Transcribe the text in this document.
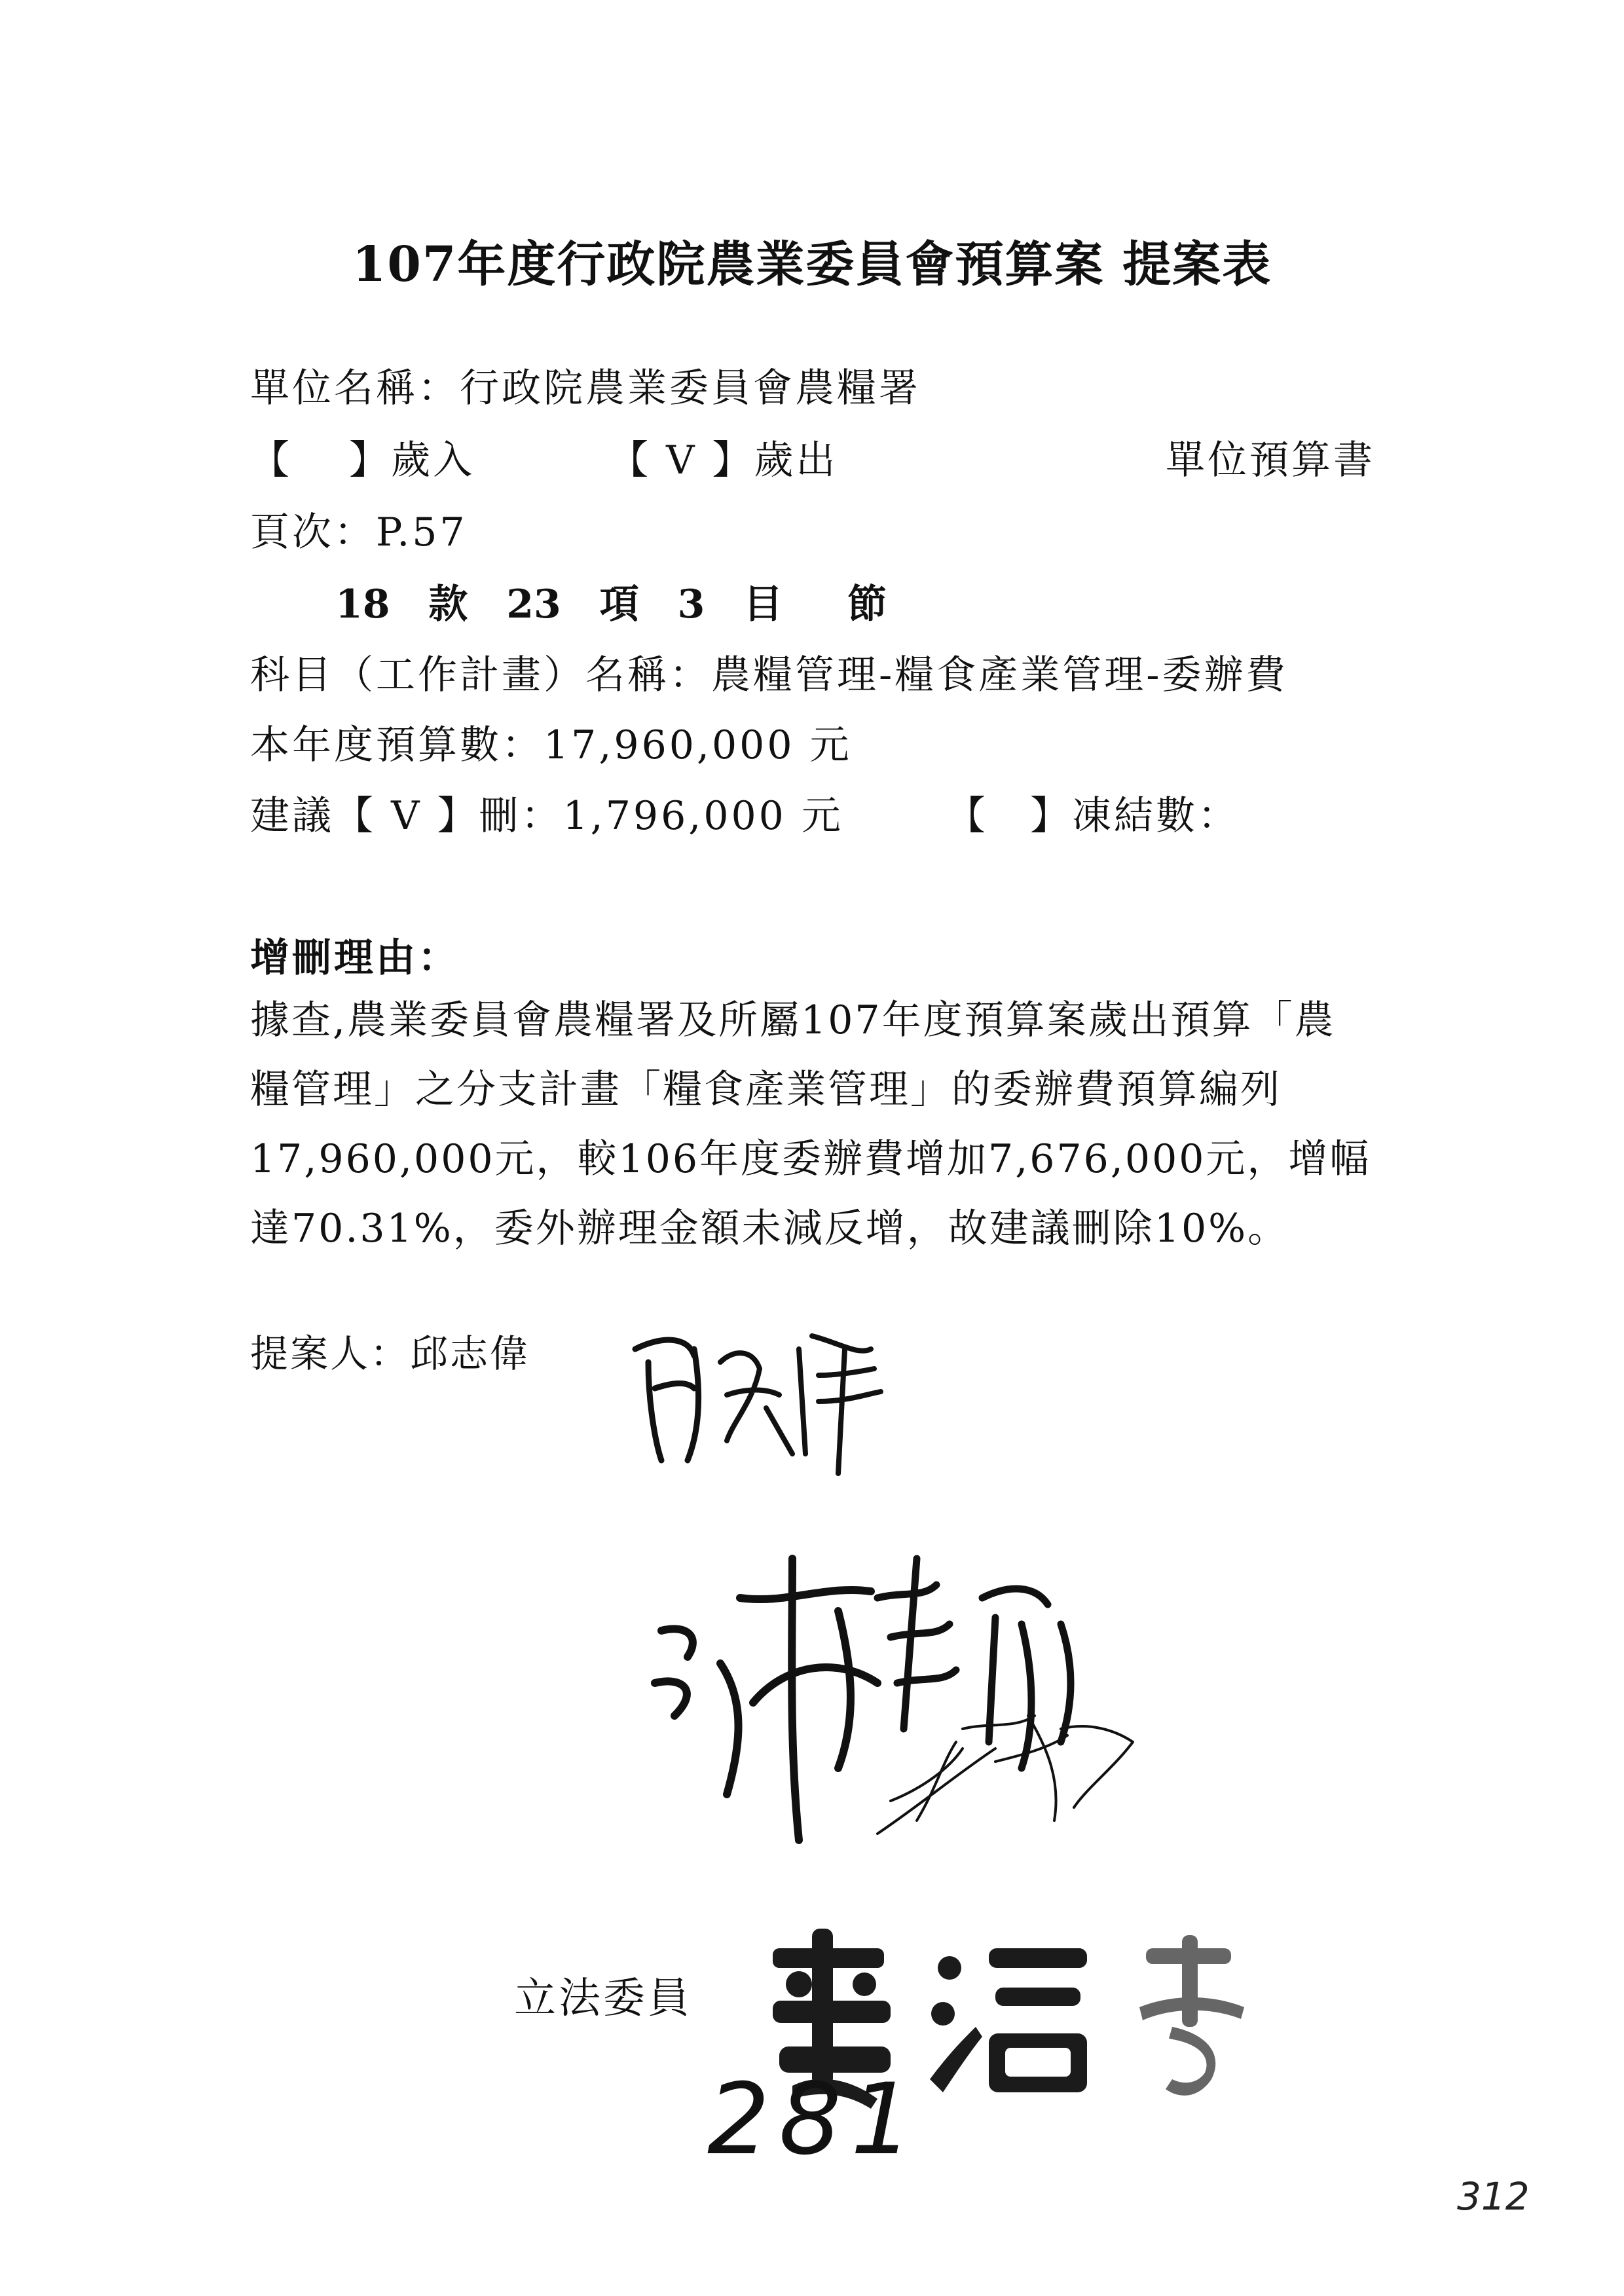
107年度行政院農業委員會預算案 提案表
單位名稱：行政院農業委員會農糧署
【　 】歲入	【 V 】歲出	單位預算書
頁次：P.57
18 款 23 項 3 目 節
科目（工作計畫）名稱：農糧管理-糧食產業管理-委辦費
本年度預算數：17,960,000 元
建議【 V 】刪：1,796,000 元	【　】凍結數：
增刪理由：
據查,農業委員會農糧署及所屬107年度預算案歲出預算「農
糧管理」之分支計畫「糧食產業管理」的委辦費預算編列
17,960,000元，較106年度委辦費增加7,676,000元，增幅
達70.31%，委外辦理金額未減反增，故建議刪除10%。
提案人：邱志偉
立法委員
281
312
